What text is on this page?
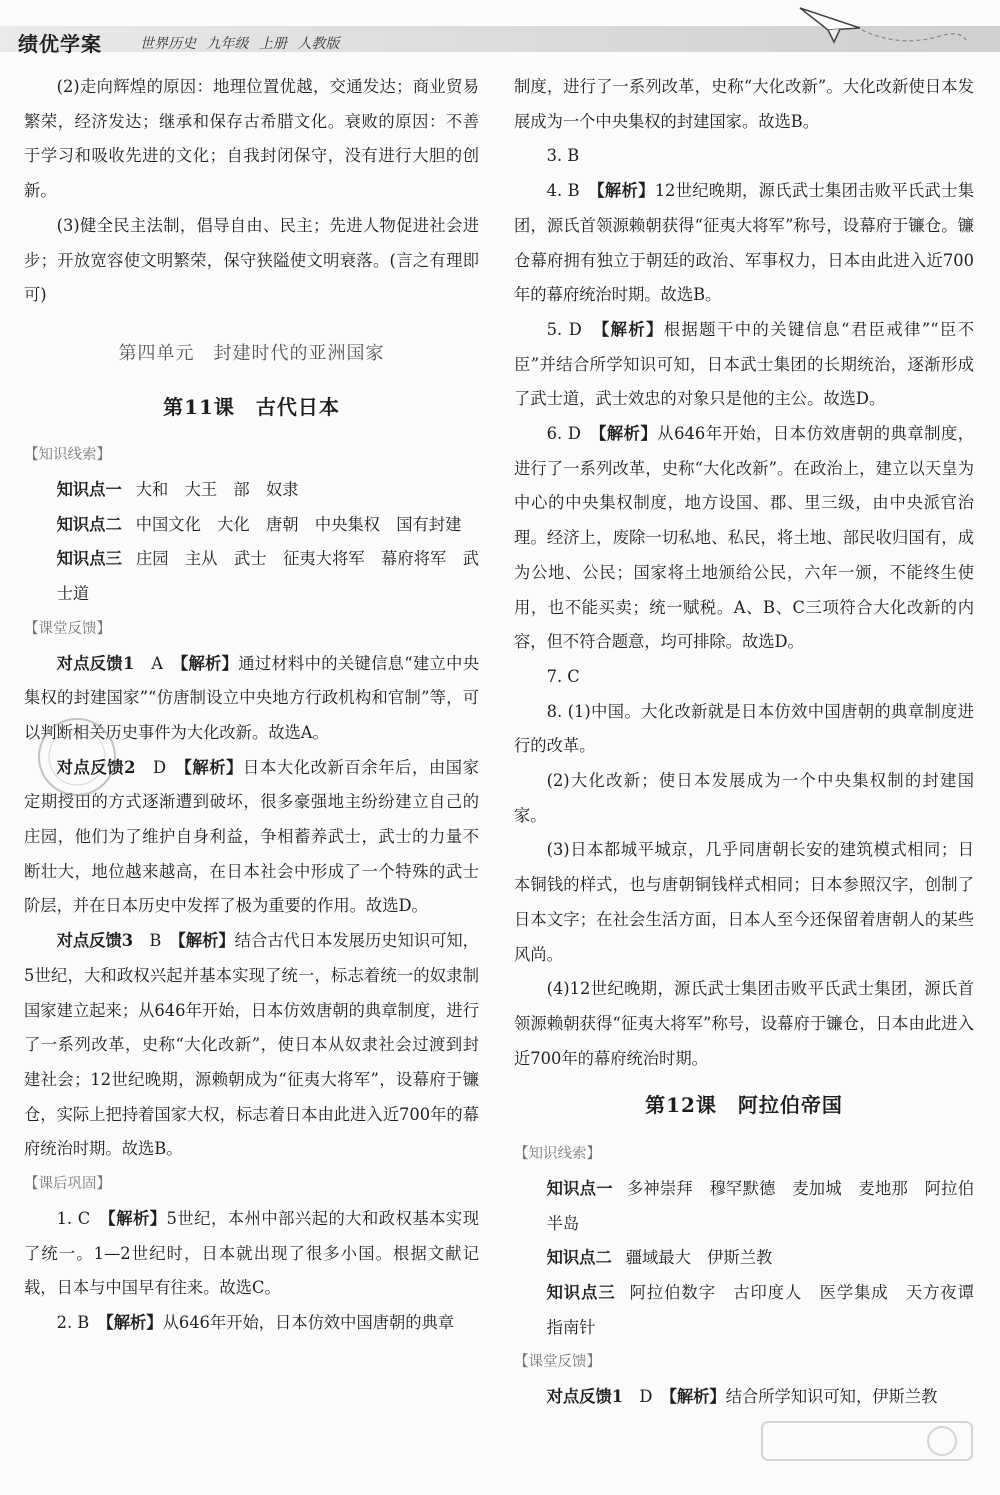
绩优学案	世界历史 九年级 上册 人教版

(2)走向辉煌的原因：地理位置优越，交通发达；商业贸易繁荣，经济发达；继承和保存古希腊文化。衰败的原因：不善于学习和吸收先进的文化；自我封闭保守，没有进行大胆的创新。

(3)健全民主法制，倡导自由、民主；先进人物促进社会进步；开放宽容使文明繁荣，保守狭隘使文明衰落。(言之有理即可)

第四单元　封建时代的亚洲国家
第11课　古代日本
【知识线索】

知识点一 大和　大王　部　奴隶

知识点二 中国文化　大化　唐朝　中央集权　国有封建

知识点三 庄园　主从　武士　征夷大将军　幕府将军　武士道

【课堂反馈】

对点反馈1　 A　 【解析】通过材料中的关键信息“建立中央集权的封建国家”“仿唐制设立中央地方行政机构和官制”等，可以判断相关历史事件为大化改新。故选A。

对点反馈2　 D　 【解析】日本大化改新百余年后，由国家定期授田的方式逐渐遭到破坏，很多豪强地主纷纷建立自己的庄园，他们为了维护自身利益，争相蓄养武士，武士的力量不断壮大，地位越来越高，在日本社会中形成了一个特殊的武士阶层，并在日本历史中发挥了极为重要的作用。故选D。

对点反馈3　 B　 【解析】结合古代日本发展历史知识可知，5世纪，大和政权兴起并基本实现了统一，标志着统一的奴隶制国家建立起来；从646年开始，日本仿效唐朝的典章制度，进行了一系列改革，史称“大化改新”，使日本从奴隶社会过渡到封建社会；12世纪晚期，源赖朝成为“征夷大将军”，设幕府于镰仓，实际上把持着国家大权，标志着日本由此进入近700年的幕府统治时期。故选B。

【课后巩固】

1. C　 【解析】5世纪，本州中部兴起的大和政权基本实现了统一。1—2世纪时，日本就出现了很多小国。根据文献记载，日本与中国早有往来。故选C。

2. B　 【解析】从646年开始，日本仿效中国唐朝的典章

制度，进行了一系列改革，史称“大化改新”。大化改新使日本发展成为一个中央集权的封建国家。故选B。

3. B

4. B　 【解析】12世纪晚期，源氏武士集团击败平氏武士集团，源氏首领源赖朝获得“征夷大将军”称号，设幕府于镰仓。镰仓幕府拥有独立于朝廷的政治、军事权力，日本由此进入近700年的幕府统治时期。故选B。

5. D　 【解析】根据题干中的关键信息“君臣戒律”“臣不臣”并结合所学知识可知，日本武士集团的长期统治，逐渐形成了武士道，武士效忠的对象只是他的主公。故选D。

6. D　 【解析】从646年开始，日本仿效唐朝的典章制度，进行了一系列改革，史称“大化改新”。在政治上，建立以天皇为中心的中央集权制度，地方设国、郡、里三级，由中央派官治理。经济上，废除一切私地、私民，将土地、部民收归国有，成为公地、公民；国家将土地颁给公民，六年一颁，不能终生使用，也不能买卖；统一赋税。A、B、C三项符合大化改新的内容，但不符合题意，均可排除。故选D。

7. C

8. (1)中国。大化改新就是日本仿效中国唐朝的典章制度进行的改革。

(2)大化改新；使日本发展成为一个中央集权制的封建国家。

(3)日本都城平城京，几乎同唐朝长安的建筑模式相同；日本铜钱的样式，也与唐朝铜钱样式相同；日本参照汉字，创制了日本文字；在社会生活方面，日本人至今还保留着唐朝人的某些风尚。

(4)12世纪晚期，源氏武士集团击败平氏武士集团，源氏首领源赖朝获得“征夷大将军”称号，设幕府于镰仓，日本由此进入近700年的幕府统治时期。

第12课　阿拉伯帝国
【知识线索】

知识点一 多神崇拜　穆罕默德　麦加城　麦地那　阿拉伯半岛

知识点二 疆域最大　伊斯兰教

知识点三 阿拉伯数字　古印度人　医学集成　天方夜谭　指南针

【课堂反馈】

对点反馈1　 D　 【解析】结合所学知识可知，伊斯兰教
